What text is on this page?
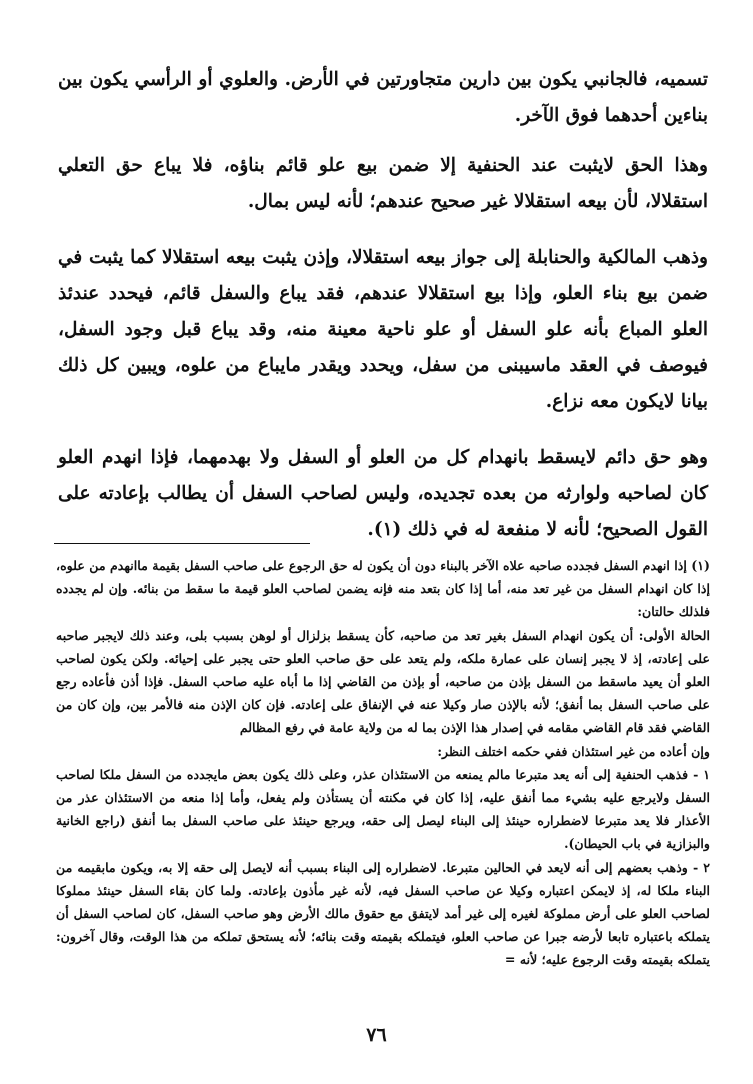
تسميه، فالجانبي يكون بين دارين متجاورتين في الأرض. والعلوي أو الرأسي يكون بين بناءين أحدهما فوق الآخر.

وهذا الحق لايثبت عند الحنفية إلا ضمن بيع علو قائم بناؤه، فلا يباع حق التعلي استقلالا، لأن بيعه استقلالا غير صحيح عندهم؛ لأنه ليس بمال.

وذهب المالكية والحنابلة إلى جواز بيعه استقلالا، وإذن يثبت بيعه استقلالا كما يثبت في ضمن بيع بناء العلو، وإذا بيع استقلالا عندهم، فقد يباع والسفل قائم، فيحدد عندئذ العلو المباع بأنه علو السفل أو علو ناحية معينة منه، وقد يباع قبل وجود السفل، فيوصف في العقد ماسيبنى من سفل، ويحدد ويقدر مايباع من علوه، ويبين كل ذلك بيانا لايكون معه نزاع.

وهو حق دائم لايسقط بانهدام كل من العلو أو السفل ولا بهدمهما، فإذا انهدم العلو كان لصاحبه ولوارثه من بعده تجديده، وليس لصاحب السفل أن يطالب بإعادته على القول الصحيح؛ لأنه لا منفعة له في ذلك (١).

(١) إذا انهدم السفل فجدده صاحبه علاه الآخر بالبناء دون أن يكون له حق الرجوع على صاحب السفل بقيمة ماانهدم من علوه، إذا كان انهدام السفل من غير تعد منه، أما إذا كان بتعد منه فإنه يضمن لصاحب العلو قيمة ما سقط من بنائه. وإن لم يجدده فلذلك حالتان:

الحالة الأولى: أن يكون انهدام السفل بغير تعد من صاحبه، كأن يسقط بزلزال أو لوهن بسبب بلى، وعند ذلك لايجبر صاحبه على إعادته، إذ لا يجبر إنسان على عمارة ملكه، ولم يتعد على حق صاحب العلو حتى يجبر على إحيائه. ولكن يكون لصاحب العلو أن يعيد ماسقط من السفل بإذن من صاحبه، أو بإذن من القاضي إذا ما أباه عليه صاحب السفل. فإذا أذن فأعاده رجع على صاحب السفل بما أنفق؛ لأنه بالإذن صار وكيلا عنه في الإنفاق على إعادته. فإن كان الإذن منه فالأمر بين، وإن كان من القاضي فقد قام القاضي مقامه في إصدار هذا الإذن بما له من ولاية عامة في رفع المظالم

وإن أعاده من غير استئذان ففي حكمه اختلف النظر:

١ - فذهب الحنفية إلى أنه يعد متبرعا مالم يمنعه من الاستئذان عذر، وعلى ذلك يكون بعض مايجدده من السفل ملكا لصاحب السفل ولايرجع عليه بشيء مما أنفق عليه، إذا كان في مكنته أن يستأذن ولم يفعل، وأما إذا منعه من الاستئذان عذر من الأعذار فلا يعد متبرعا لاضطراره حينئذ إلى البناء ليصل إلى حقه، ويرجع حينئذ على صاحب السفل بما أنفق (راجع الخانية والبزازية في باب الحيطان).

٢ - وذهب بعضهم إلى أنه لايعد في الحالين متبرعا. لاضطراره إلى البناء بسبب أنه لايصل إلى حقه إلا به، ويكون مابقيمه من البناء ملكا له، إذ لايمكن اعتباره وكيلا عن صاحب السفل فيه، لأنه غير مأذون بإعادته. ولما كان بقاء السفل حينئذ مملوكا لصاحب العلو على أرض مملوكة لغيره إلى غير أمد لايتفق مع حقوق مالك الأرض وهو صاحب السفل، كان لصاحب السفل أن يتملكه باعتباره تابعا لأرضه جبرا عن صاحب العلو، فيتملكه بقيمته وقت بنائه؛ لأنه يستحق تملكه من هذا الوقت، وقال آخرون: يتملكه بقيمته وقت الرجوع عليه؛ لأنه =

٧٦
